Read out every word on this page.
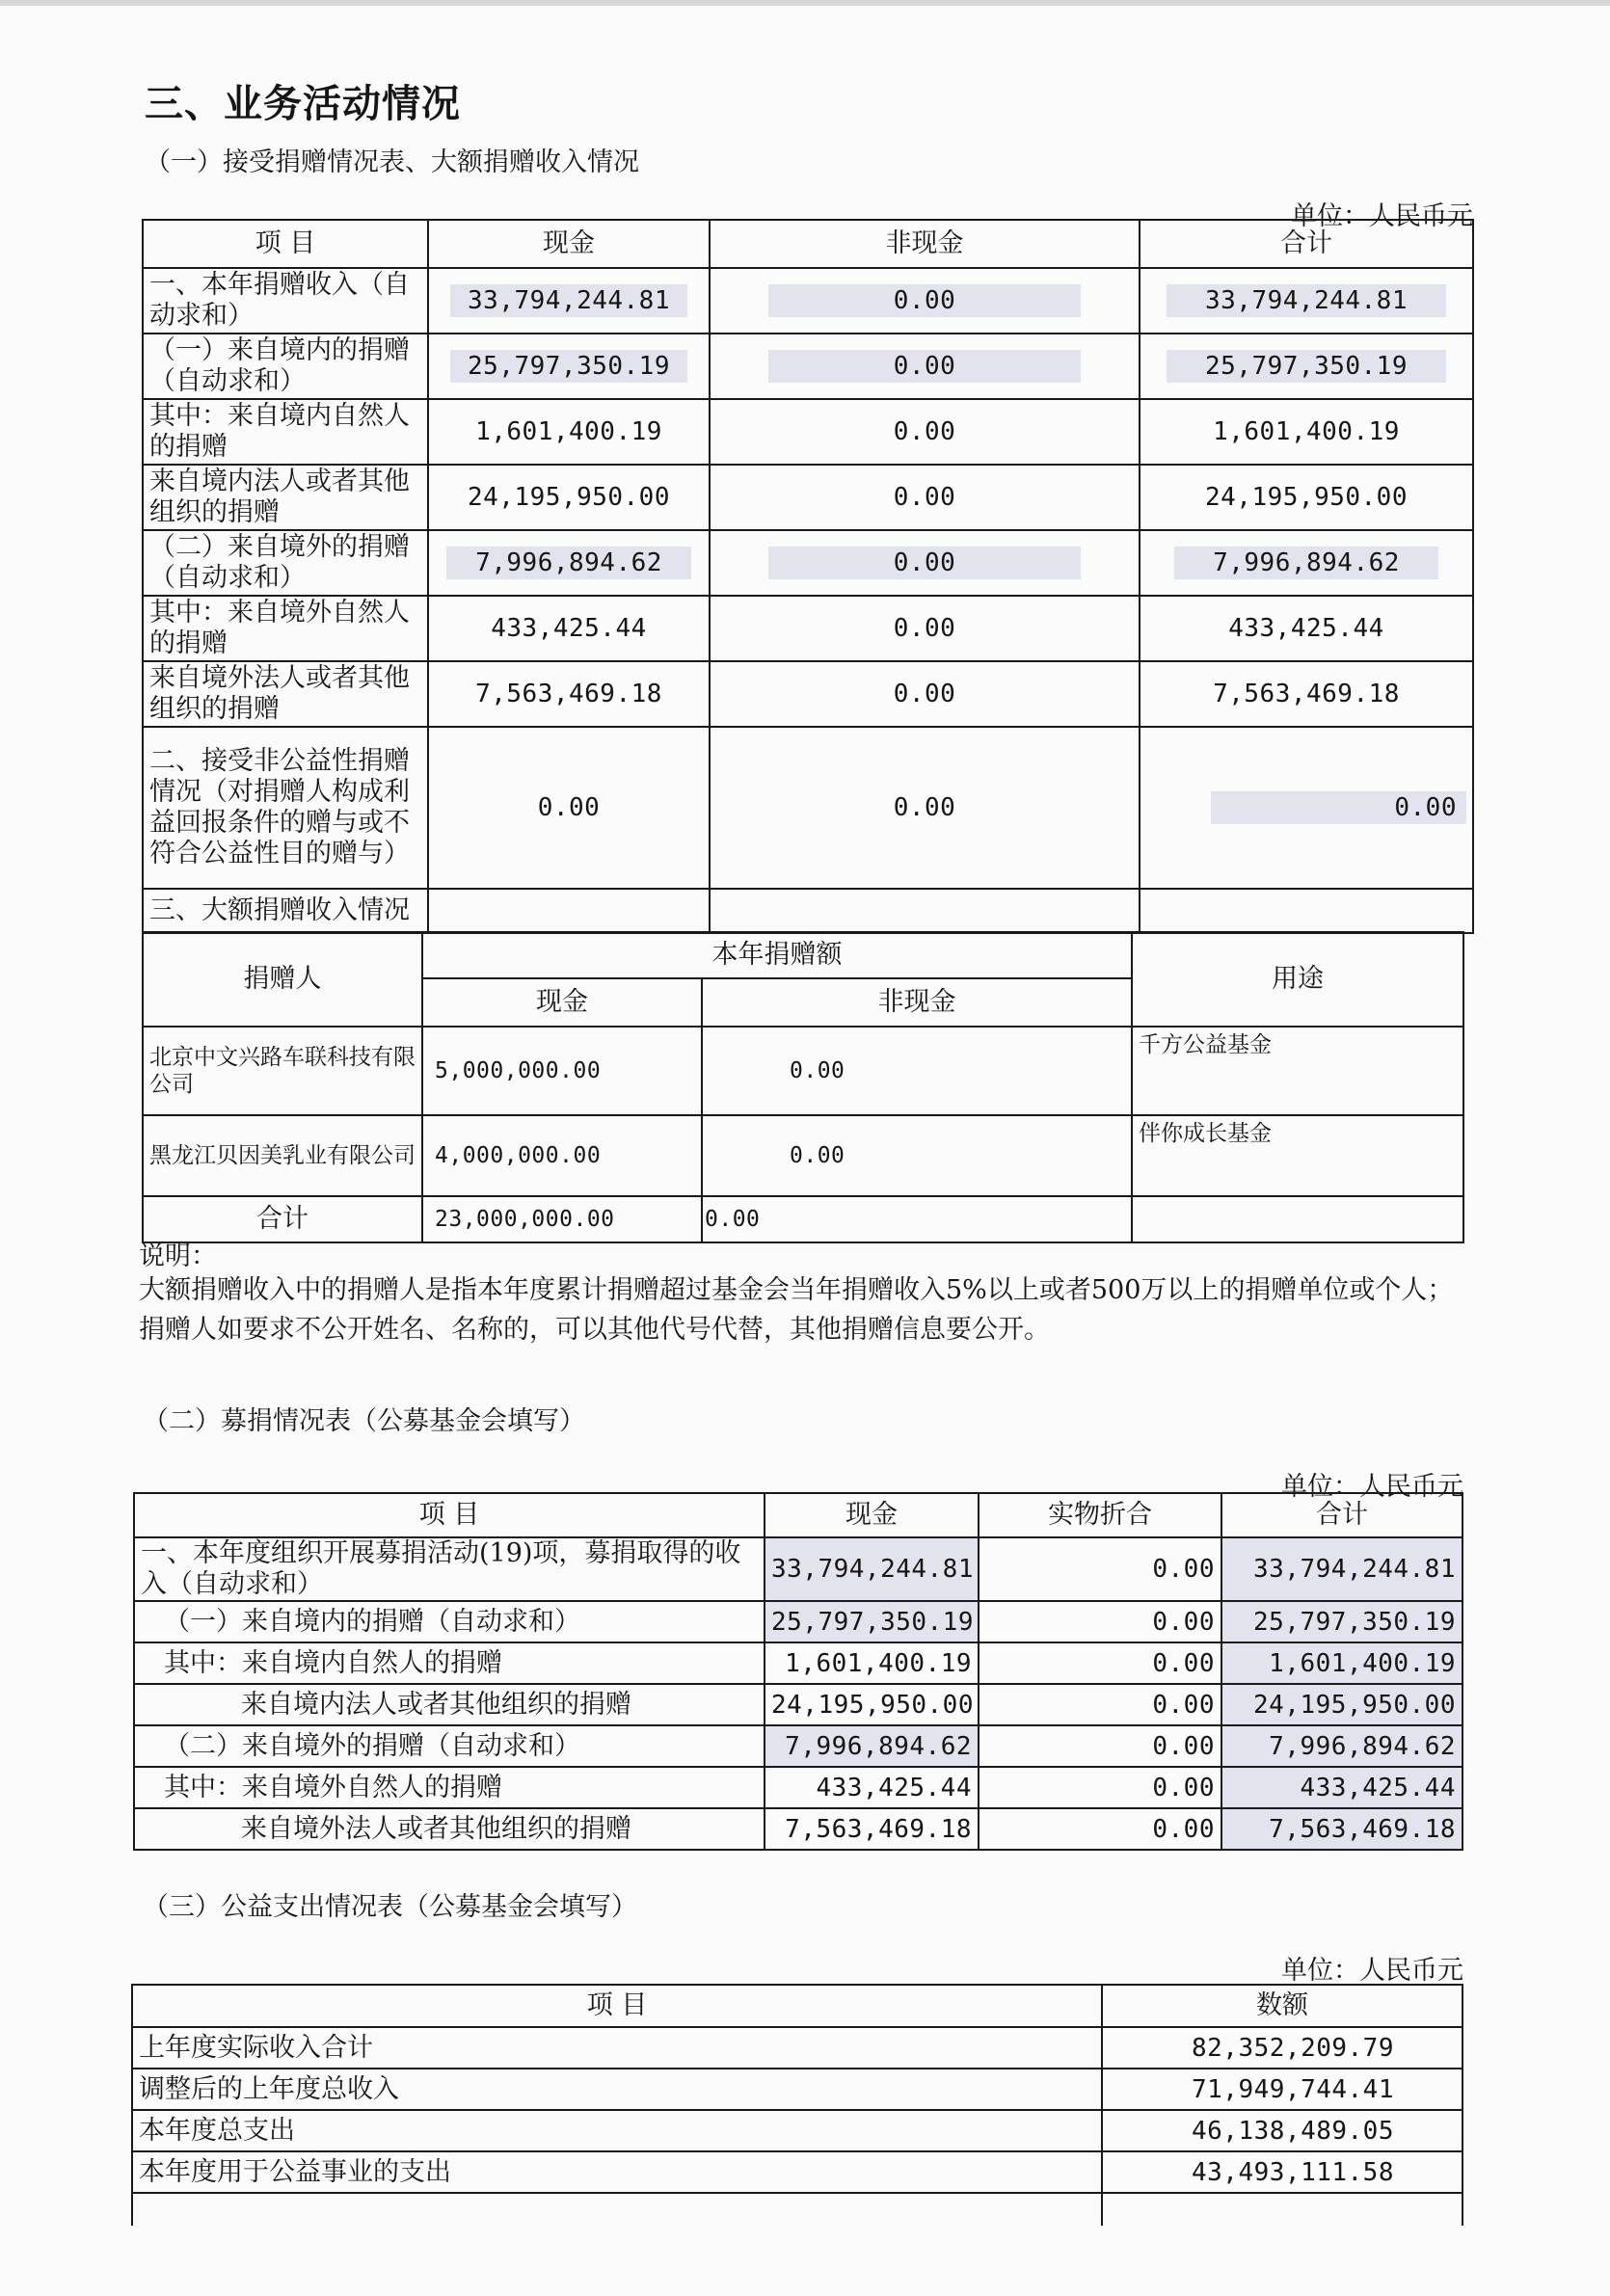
三、业务活动情况
（一）接受捐赠情况表、大额捐赠收入情况
单位：人民币元
项 目	现金	非现金	合计
一、本年捐赠收入（自动求和）	33,794,244.81	0.00	33,794,244.81
（一）来自境内的捐赠（自动求和）	25,797,350.19	0.00	25,797,350.19
其中：来自境内自然人的捐赠	1,601,400.19	0.00	1,601,400.19
来自境内法人或者其他组织的捐赠	24,195,950.00	0.00	24,195,950.00
（二）来自境外的捐赠（自动求和）	7,996,894.62	0.00	7,996,894.62
其中：来自境外自然人的捐赠	433,425.44	0.00	433,425.44
来自境外法人或者其他组织的捐赠	7,563,469.18	0.00	7,563,469.18
二、接受非公益性捐赠情况（对捐赠人构成利益回报条件的赠与或不符合公益性目的赠与）	0.00	0.00	0.00
三、大额捐赠收入情况			
捐赠人	本年捐赠额		用途
	现金	非现金	
北京中文兴路车联科技有限公司	5,000,000.00	0.00	千方公益基金
黑龙江贝因美乳业有限公司	4,000,000.00	0.00	伴你成长基金
合计	23,000,000.00	0.00	
说明：
大额捐赠收入中的捐赠人是指本年度累计捐赠超过基金会当年捐赠收入5%以上或者500万以上的捐赠单位或个人；
捐赠人如要求不公开姓名、名称的，可以其他代号代替，其他捐赠信息要公开。
（二）募捐情况表（公募基金会填写）
单位：人民币元
项 目	现金	实物折合	合计
一、本年度组织开展募捐活动(19)项，募捐取得的收入（自动求和）	33,794,244.81	0.00	33,794,244.81
（一）来自境内的捐赠（自动求和）	25,797,350.19	0.00	25,797,350.19
其中：来自境内自然人的捐赠	1,601,400.19	0.00	1,601,400.19
来自境内法人或者其他组织的捐赠	24,195,950.00	0.00	24,195,950.00
（二）来自境外的捐赠（自动求和）	7,996,894.62	0.00	7,996,894.62
其中：来自境外自然人的捐赠	433,425.44	0.00	433,425.44
来自境外法人或者其他组织的捐赠	7,563,469.18	0.00	7,563,469.18
（三）公益支出情况表（公募基金会填写）
单位：人民币元
项 目	数额
上年度实际收入合计	82,352,209.79
调整后的上年度总收入	71,949,744.41
本年度总支出	46,138,489.05
本年度用于公益事业的支出	43,493,111.58
